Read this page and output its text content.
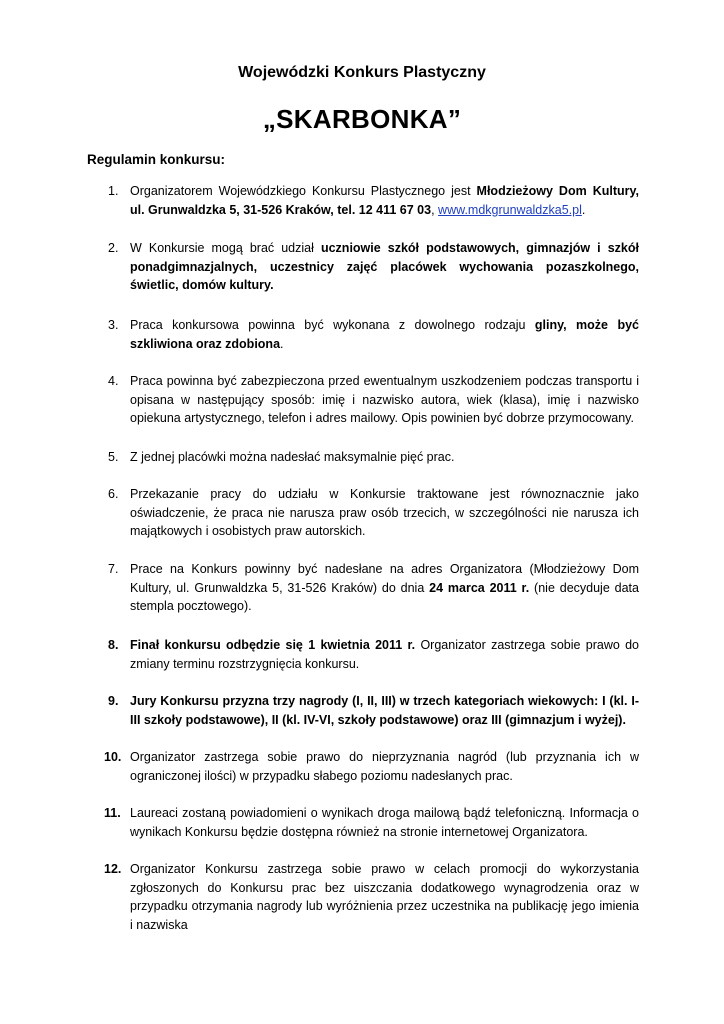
Wojewódzki Konkurs Plastyczny
„SKARBONKA”
Regulamin konkursu:
1. Organizatorem Wojewódzkiego Konkursu Plastycznego jest Młodzieżowy Dom Kultury, ul. Grunwaldzka 5, 31-526 Kraków, tel. 12 411 67 03, www.mdkgrunwaldzka5.pl.
2. W Konkursie mogą brać udział uczniowie szkół podstawowych, gimnazjów i szkół ponadgimnazjalnych, uczestnicy zajęć placówek wychowania pozaszkolnego, świetlic, domów kultury.
3. Praca konkursowa powinna być wykonana z dowolnego rodzaju gliny, może być szkliwiona oraz zdobiona.
4. Praca powinna być zabezpieczona przed ewentualnym uszkodzeniem podczas transportu i opisana w następujący sposób: imię i nazwisko autora, wiek (klasa), imię i nazwisko opiekuna artystycznego, telefon i adres mailowy. Opis powinien być dobrze przymocowany.
5. Z jednej placówki można nadesłać maksymalnie pięć prac.
6. Przekazanie pracy do udziału w Konkursie traktowane jest równoznacznie jako oświadczenie, że praca nie narusza praw osób trzecich, w szczególności nie narusza ich majątkowych i osobistych praw autorskich.
7. Prace na Konkurs powinny być nadesłane na adres Organizatora (Młodzieżowy Dom Kultury, ul. Grunwaldzka 5, 31-526 Kraków) do dnia 24 marca 2011 r. (nie decyduje data stempla pocztowego).
8. Finał konkursu odbędzie się 1 kwietnia 2011 r. Organizator zastrzega sobie prawo do zmiany terminu rozstrzygnięcia konkursu.
9. Jury Konkursu przyzna trzy nagrody (I, II, III) w trzech kategoriach wiekowych: I (kl. I-III szkoły podstawowe), II (kl. IV-VI, szkoły podstawowe) oraz III (gimnazjum i wyżej).
10. Organizator zastrzega sobie prawo do nieprzyznania nagród (lub przyznania ich w ograniczonej ilości) w przypadku słabego poziomu nadesłanych prac.
11. Laureaci zostaną powiadomieni o wynikach droga mailową bądź telefoniczną. Informacja o wynikach Konkursu będzie dostępna również na stronie internetowej Organizatora.
12. Organizator Konkursu zastrzega sobie prawo w celach promocji do wykorzystania zgłoszonych do Konkursu prac bez uiszczania dodatkowego wynagrodzenia oraz w przypadku otrzymania nagrody lub wyróżnienia przez uczestnika na publikację jego imienia i nazwiska
